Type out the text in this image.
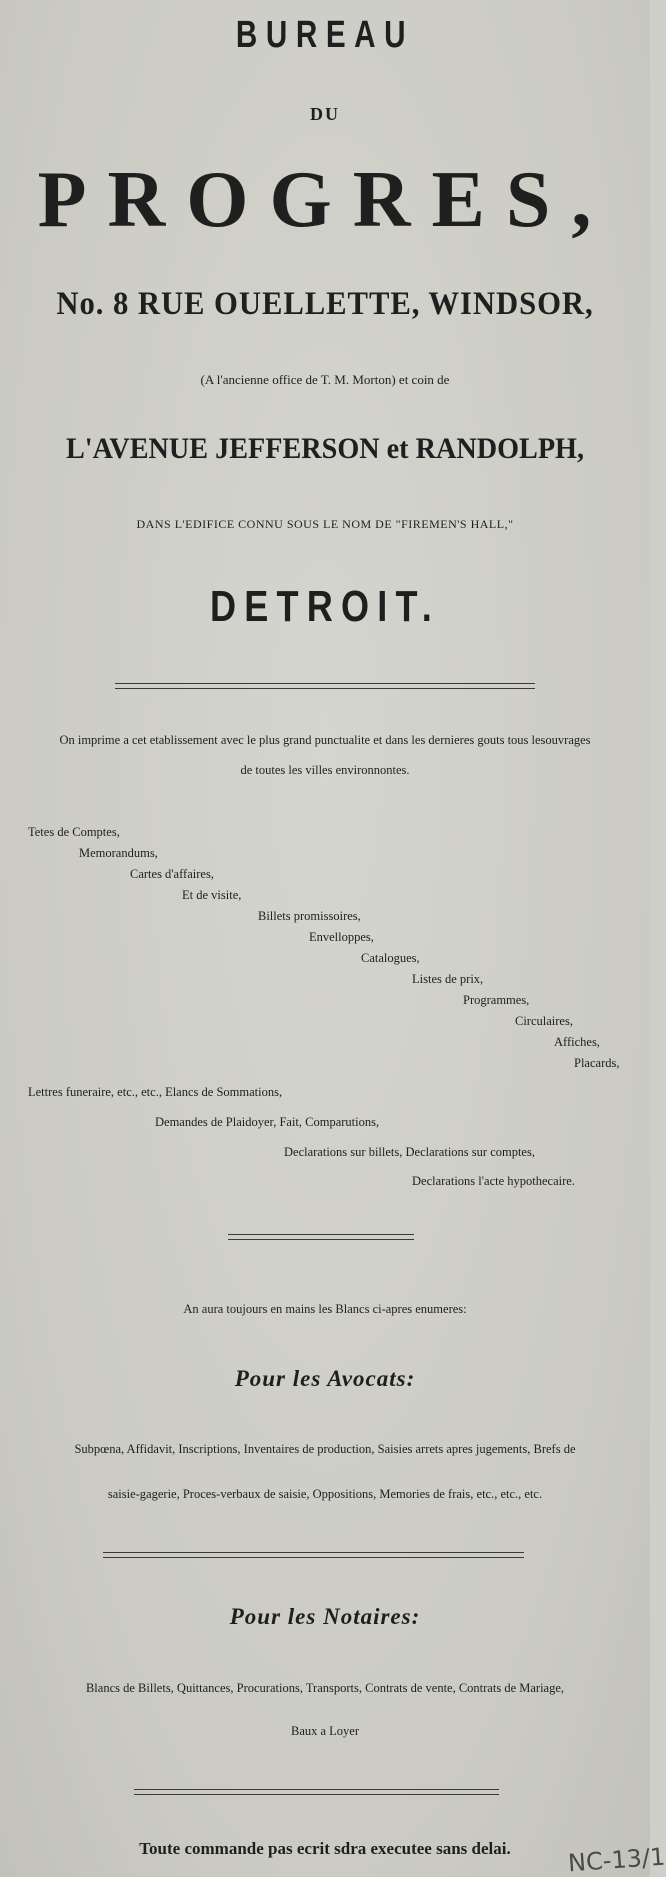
BUREAU
DU
PROGRES,
No. 8 RUE OUELLETTE, WINDSOR,
(A l'ancienne office de T. M. Morton) et coin de
L'AVENUE JEFFERSON et RANDOLPH,
DANS L'EDIFICE CONNU SOUS LE NOM DE "FIREMEN'S HALL,"
DETROIT.
On imprime a cet etablissement avec le plus grand punctualite et dans les dernieres gouts tous lesouvrages
de toutes les villes environnontes.
Tetes de Comptes,
Memorandums,
Cartes d'affaires,
Et de visite,
Billets promissoires,
Envelloppes,
Catalogues,
Listes de prix,
Programmes,
Circulaires,
Affiches,
Placards,
Lettres funeraire, etc., etc., Elancs de Sommations,
Demandes de Plaidoyer, Fait, Comparutions,
Declarations sur billets, Declarations sur comptes,
Declarations l'acte hypothecaire.
An aura toujours en mains les Blancs ci-apres enumeres:
Pour les Avocats:
Subpœna, Affidavit, Inscriptions, Inventaires de production, Saisies arrets apres jugements, Brefs de
saisie-gagerie, Proces-verbaux de saisie, Oppositions, Memories de frais, etc., etc., etc.
Pour les Notaires:
Blancs de Billets, Quittances, Procurations, Transports, Contrats de vente, Contrats de Mariage,
Baux a Loyer
Toute commande pas ecrit sdra executee sans delai.	NC-13/1
